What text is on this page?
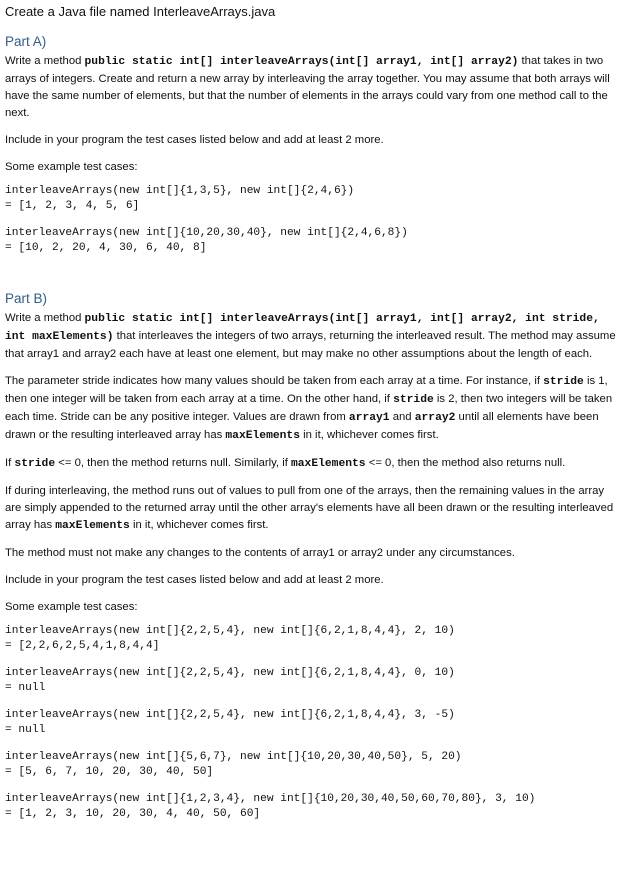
Create a Java file named InterleaveArrays.java
Part A)
Write a method public static int[] interleaveArrays(int[] array1, int[] array2) that takes in two arrays of integers. Create and return a new array by interleaving the array together. You may assume that both arrays will have the same number of elements, but that the number of elements in the arrays could vary from one method call to the next.
Include in your program the test cases listed below and add at least 2 more.
Some example test cases:
interleaveArrays(new int[]{1,3,5}, new int[]{2,4,6})
= [1, 2, 3, 4, 5, 6]
interleaveArrays(new int[]{10,20,30,40}, new int[]{2,4,6,8})
= [10, 2, 20, 4, 30, 6, 40, 8]
Part B)
Write a method public static int[] interleaveArrays(int[] array1, int[] array2, int stride, int maxElements) that interleaves the integers of two arrays, returning the interleaved result. The method may assume that array1 and array2 each have at least one element, but may make no other assumptions about the length of each.
The parameter stride indicates how many values should be taken from each array at a time. For instance, if stride is 1, then one integer will be taken from each array at a time. On the other hand, if stride is 2, then two integers will be taken each time. Stride can be any positive integer. Values are drawn from array1 and array2 until all elements have been drawn or the resulting interleaved array has maxElements in it, whichever comes first.
If stride <= 0, then the method returns null. Similarly, if maxElements <= 0, then the method also returns null.
If during interleaving, the method runs out of values to pull from one of the arrays, then the remaining values in the array are simply appended to the returned array until the other array's elements have all been drawn or the resulting interleaved array has maxElements in it, whichever comes first.
The method must not make any changes to the contents of array1 or array2 under any circumstances.
Include in your program the test cases listed below and add at least 2 more.
Some example test cases:
interleaveArrays(new int[]{2,2,5,4}, new int[]{6,2,1,8,4,4}, 2, 10)
= [2,2,6,2,5,4,1,8,4,4]
interleaveArrays(new int[]{2,2,5,4}, new int[]{6,2,1,8,4,4}, 0, 10)
= null
interleaveArrays(new int[]{2,2,5,4}, new int[]{6,2,1,8,4,4}, 3, -5)
= null
interleaveArrays(new int[]{5,6,7}, new int[]{10,20,30,40,50}, 5, 20)
= [5, 6, 7, 10, 20, 30, 40, 50]
interleaveArrays(new int[]{1,2,3,4}, new int[]{10,20,30,40,50,60,70,80}, 3, 10)
= [1, 2, 3, 10, 20, 30, 4, 40, 50, 60]
